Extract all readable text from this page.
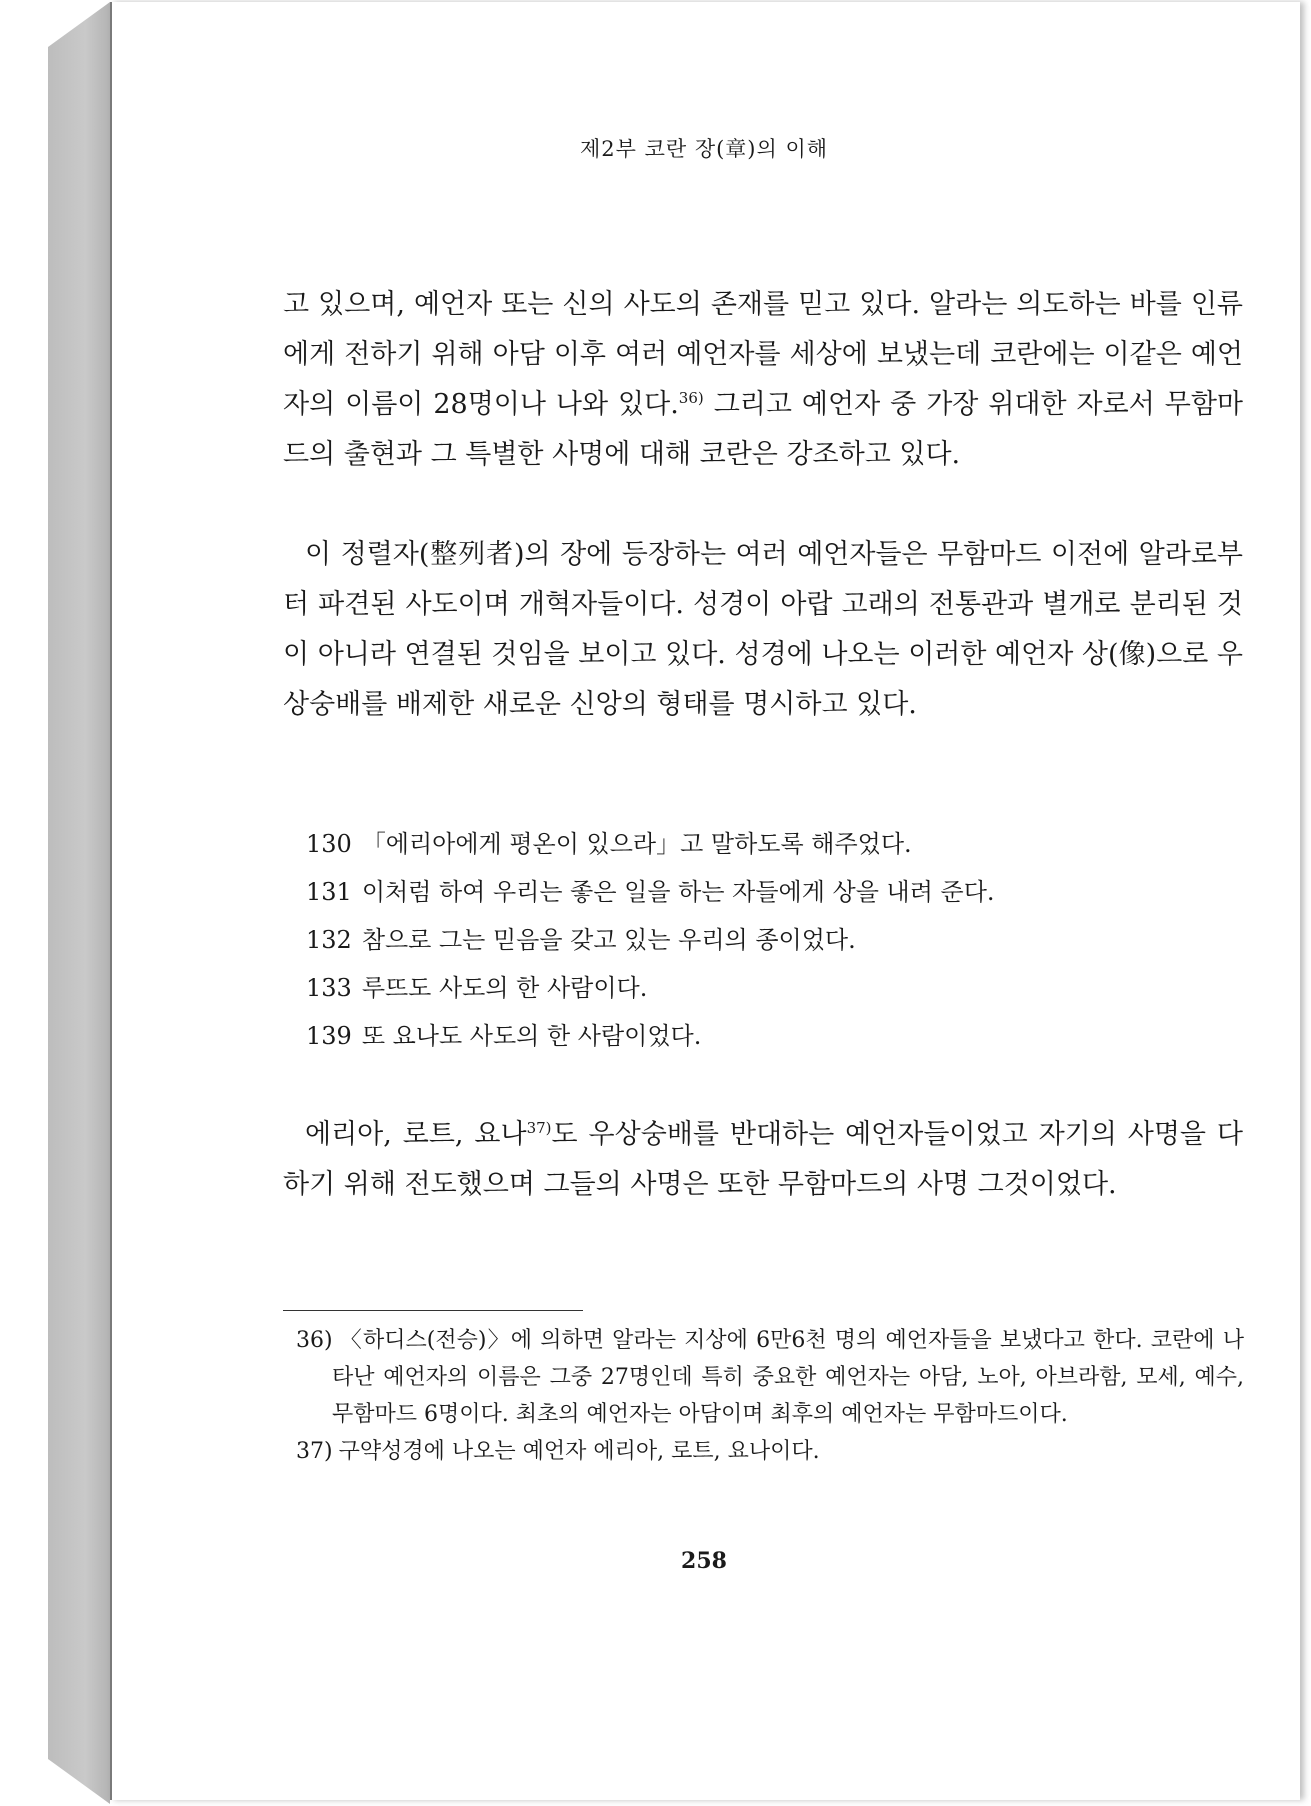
제2부 코란 장(章)의 이해

고 있으며, 예언자 또는 신의 사도의 존재를 믿고 있다. 알라는 의도하는 바를 인류에게 전하기 위해 아담 이후 여러 예언자를 세상에 보냈는데 코란에는 이같은 예언자의 이름이 28명이나 나와 있다.$^{36)}$ 그리고 예언자 중 가장 위대한 자로서 무함마드의 출현과 그 특별한 사명에 대해 코란은 강조하고 있다.

이 정렬자(整列者)의 장에 등장하는 여러 예언자들은 무함마드 이전에 알라로부터 파견된 사도이며 개혁자들이다. 성경이 아랍 고래의 전통관과 별개로 분리된 것이 아니라 연결된 것임을 보이고 있다. 성경에 나오는 이러한 예언자 상(像)으로 우상숭배를 배제한 새로운 신앙의 형태를 명시하고 있다.

130 「에리아에게 평온이 있으라」고 말하도록 해주었다.
131 이처럼 하여 우리는 좋은 일을 하는 자들에게 상을 내려 준다.
132 참으로 그는 믿음을 갖고 있는 우리의 종이었다.
133 루뜨도 사도의 한 사람이다.
139 또 요나도 사도의 한 사람이었다.

에리아, 로트, 요나$^{37)}$도 우상숭배를 반대하는 예언자들이었고 자기의 사명을 다하기 위해 전도했으며 그들의 사명은 또한 무함마드의 사명 그것이었다.

36) 〈하디스(전승)〉에 의하면 알라는 지상에 6만6천 명의 예언자들을 보냈다고 한다. 코란에 나타난 예언자의 이름은 그중 27명인데 특히 중요한 예언자는 아담, 노아, 아브라함, 모세, 예수, 무함마드 6명이다. 최초의 예언자는 아담이며 최후의 예언자는 무함마드이다.

37) 구약성경에 나오는 예언자 에리아, 로트, 요나이다.

258
